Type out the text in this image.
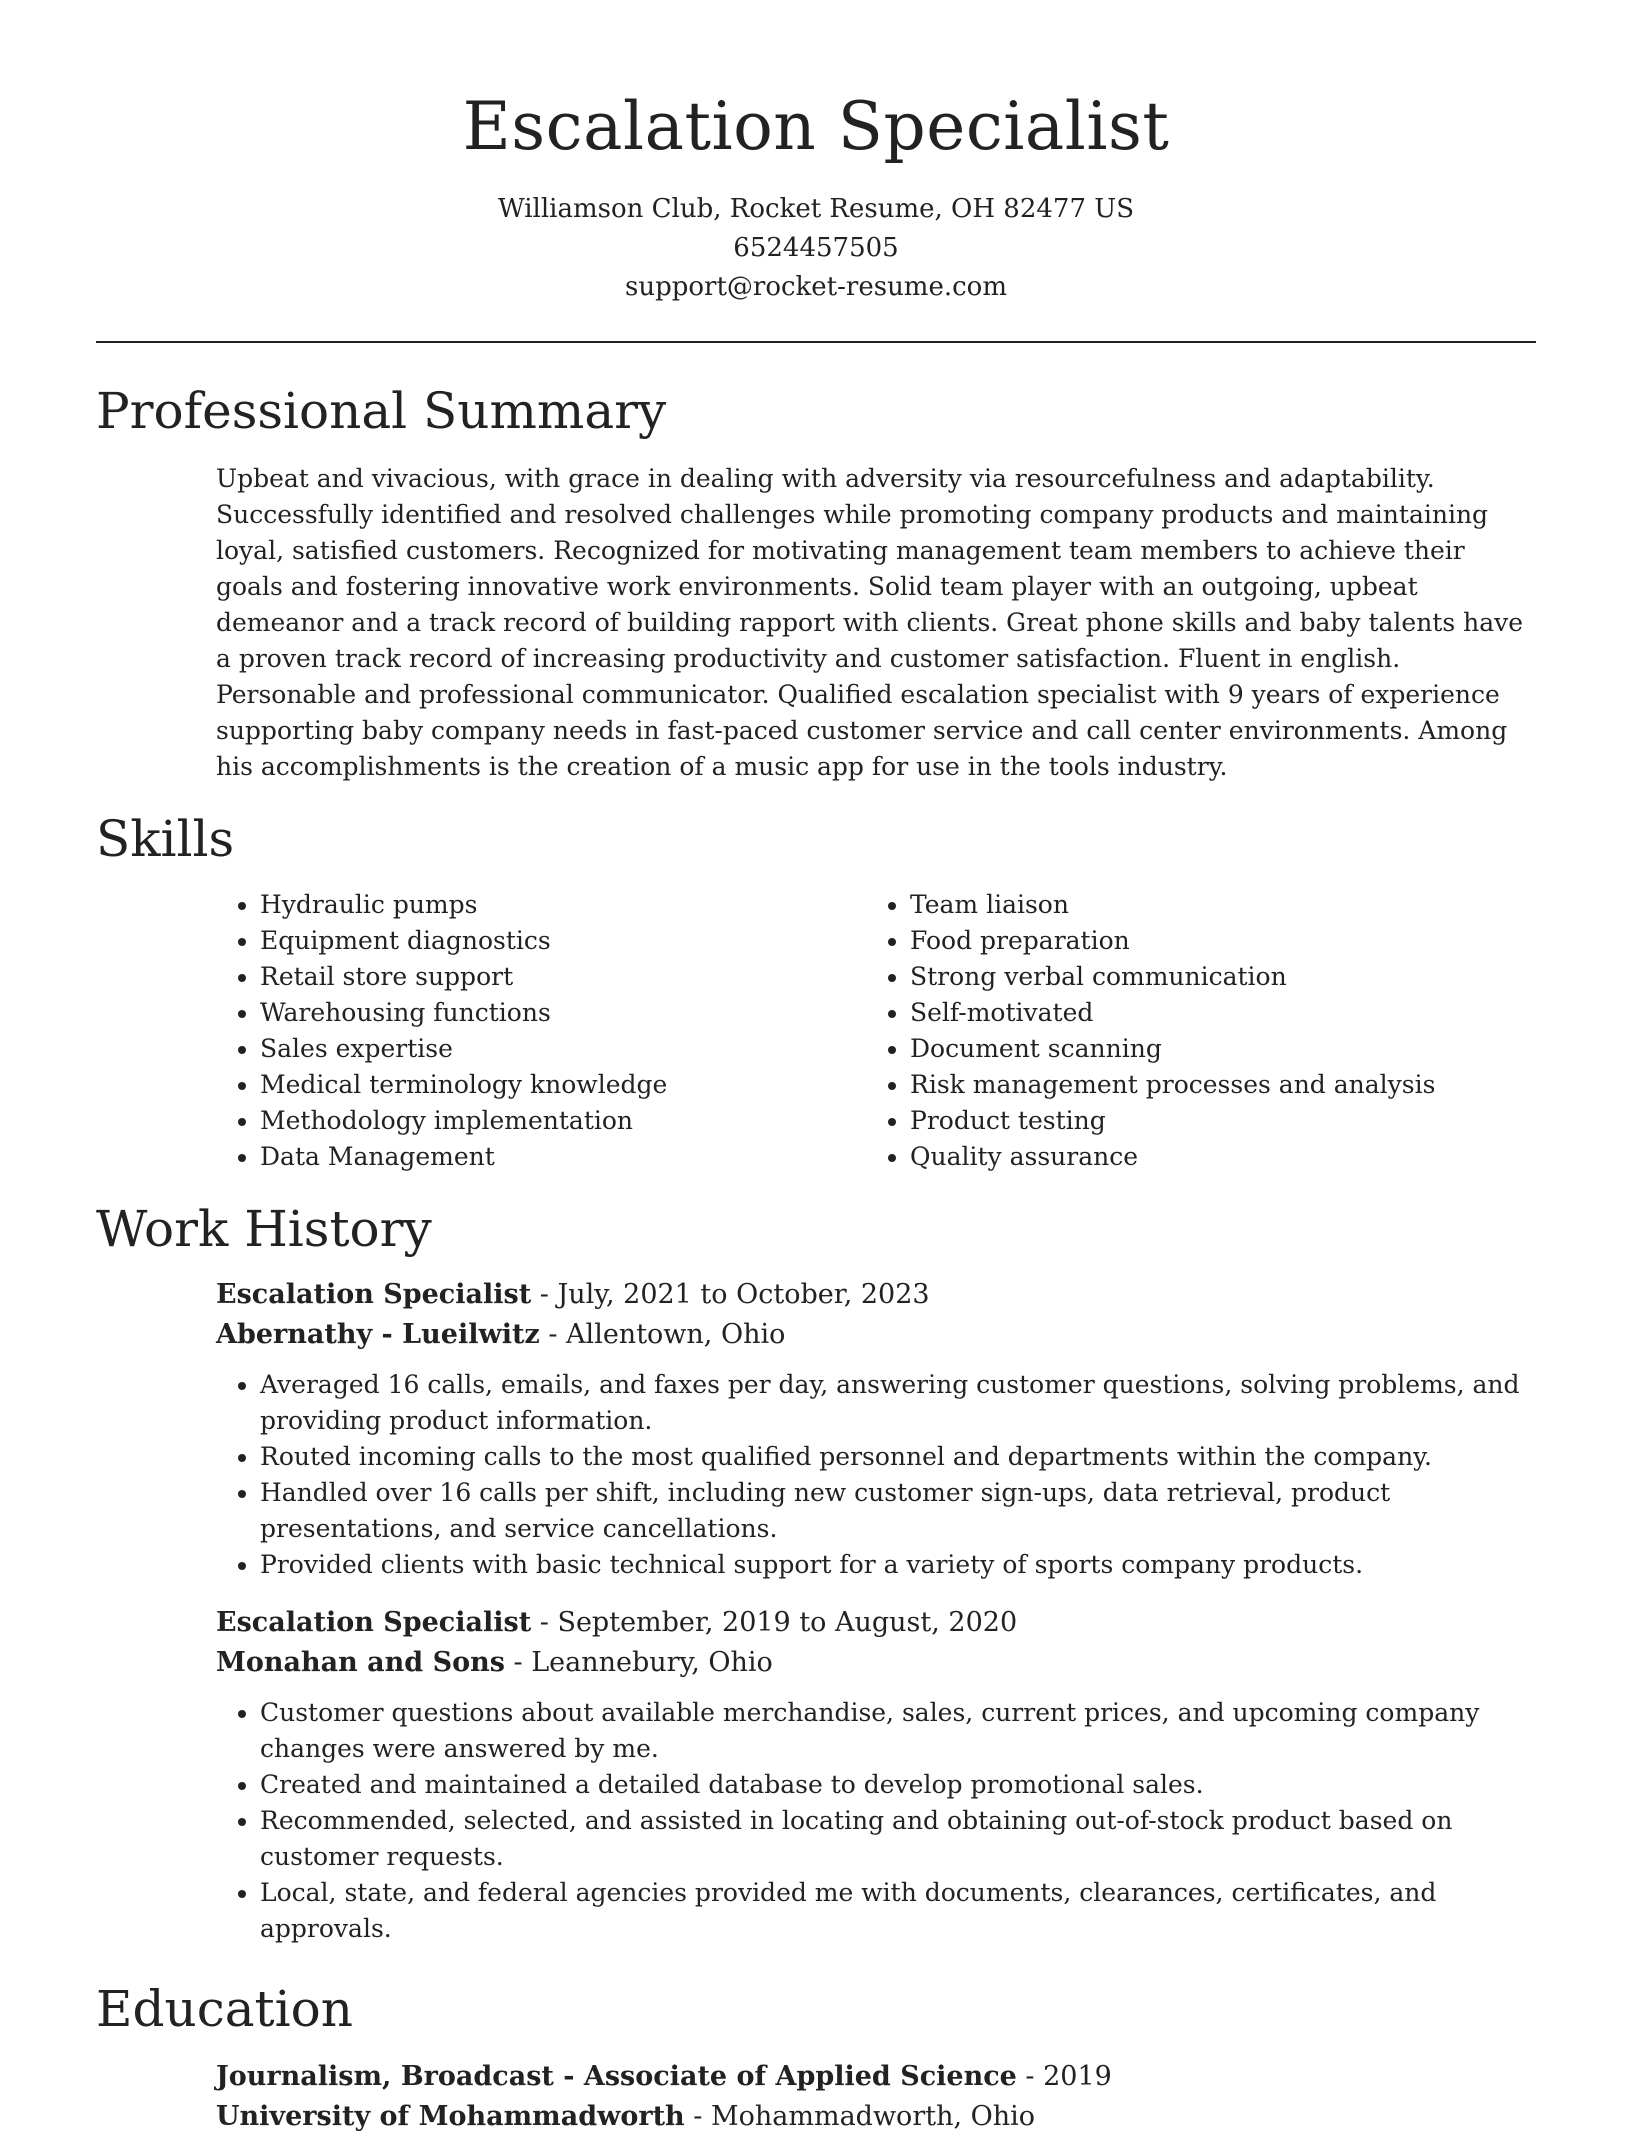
Escalation Specialist
Williamson Club, Rocket Resume, OH 82477 US
6524457505
support@rocket-resume.com
Professional Summary
Upbeat and vivacious, with grace in dealing with adversity via resourcefulness and adaptability. Successfully identified and resolved challenges while promoting company products and maintaining loyal, satisfied customers. Recognized for motivating management team members to achieve their goals and fostering innovative work environments. Solid team player with an outgoing, upbeat demeanor and a track record of building rapport with clients. Great phone skills and baby talents have a proven track record of increasing productivity and customer satisfaction. Fluent in english. Personable and professional communicator. Qualified escalation specialist with 9 years of experience supporting baby company needs in fast-paced customer service and call center environments. Among his accomplishments is the creation of a music app for use in the tools industry.
Skills
• Hydraulic pumps
• Equipment diagnostics
• Retail store support
• Warehousing functions
• Sales expertise
• Medical terminology knowledge
• Methodology implementation
• Data Management
• Team liaison
• Food preparation
• Strong verbal communication
• Self-motivated
• Document scanning
• Risk management processes and analysis
• Product testing
• Quality assurance
Work History
Escalation Specialist - July, 2021 to October, 2023
Abernathy - Lueilwitz - Allentown, Ohio
• Averaged 16 calls, emails, and faxes per day, answering customer questions, solving problems, and providing product information.
• Routed incoming calls to the most qualified personnel and departments within the company.
• Handled over 16 calls per shift, including new customer sign-ups, data retrieval, product presentations, and service cancellations.
• Provided clients with basic technical support for a variety of sports company products.
Escalation Specialist - September, 2019 to August, 2020
Monahan and Sons - Leannebury, Ohio
• Customer questions about available merchandise, sales, current prices, and upcoming company changes were answered by me.
• Created and maintained a detailed database to develop promotional sales.
• Recommended, selected, and assisted in locating and obtaining out-of-stock product based on customer requests.
• Local, state, and federal agencies provided me with documents, clearances, certificates, and approvals.
Education
Journalism, Broadcast - Associate of Applied Science - 2019
University of Mohammadworth - Mohammadworth, Ohio
